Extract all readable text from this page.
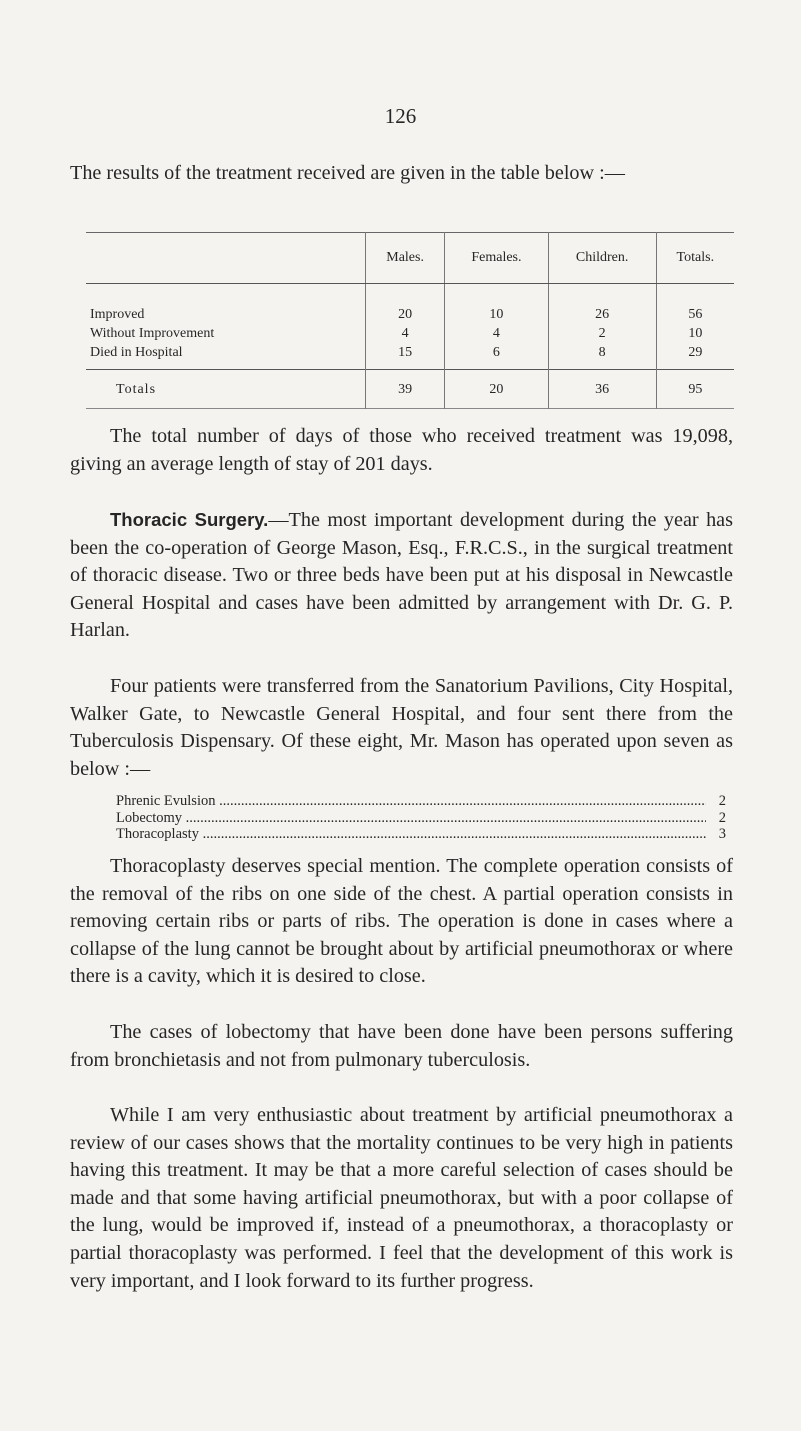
126

The results of the treatment received are given in the table below :—

	Males.	Females.	Children.	Totals.
Improved	20	10	26	56
Without Improvement	4	4	2	10
Died in Hospital	15	6	8	29
Totals	39	20	36	95

The total number of days of those who received treatment was 19,098, giving an average length of stay of 201 days.

Thoracic Surgery.—The most important development during the year has been the co-operation of George Mason, Esq., F.R.C.S., in the surgical treatment of thoracic disease. Two or three beds have been put at his disposal in Newcastle General Hospital and cases have been admitted by arrangement with Dr. G. P. Harlan.

Four patients were transferred from the Sanatorium Pavilions, City Hospital, Walker Gate, to Newcastle General Hospital, and four sent there from the Tuberculosis Dispensary. Of these eight, Mr. Mason has operated upon seven as below :—

Phrenic Evulsion .....	2
Lobectomy .....	2
Thoracoplasty .....	3

Thoracoplasty deserves special mention. The complete operation consists of the removal of the ribs on one side of the chest. A partial operation consists in removing certain ribs or parts of ribs. The operation is done in cases where a collapse of the lung cannot be brought about by artificial pneumothorax or where there is a cavity, which it is desired to close.

The cases of lobectomy that have been done have been persons suffering from bronchietasis and not from pulmonary tuberculosis.

While I am very enthusiastic about treatment by artificial pneumothorax a review of our cases shows that the mortality continues to be very high in patients having this treatment. It may be that a more careful selection of cases should be made and that some having artificial pneumothorax, but with a poor collapse of the lung, would be improved if, instead of a pneumothorax, a thoracoplasty or partial thoracoplasty was performed. I feel that the development of this work is very important, and I look forward to its further progress.
